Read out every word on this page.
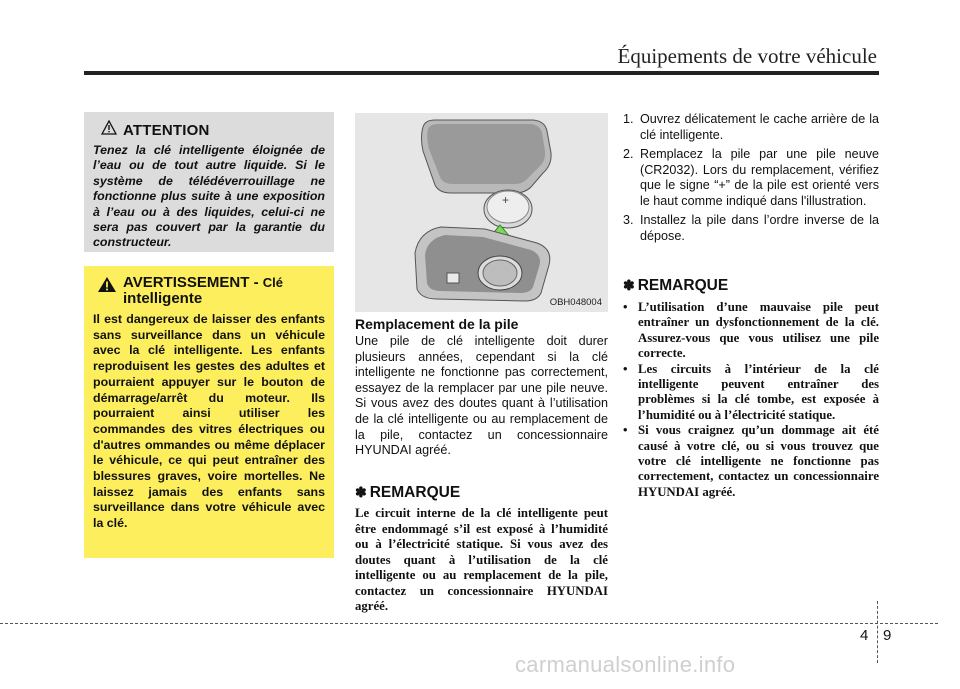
Équipements de votre véhicule
ATTENTION
Tenez la clé intelligente éloignée de l’eau ou de tout autre liquide. Si le système de télédéverrouillage ne fonctionne plus suite à une exposition à l’eau ou à des liquides, celui-ci ne sera pas couvert par la garantie du constructeur.
AVERTISSEMENT - Clé
intelligente
Il est dangereux de laisser des enfants sans surveillance dans un véhicule avec la clé intelligente. Les enfants reproduisent les gestes des adultes et pourraient appuyer sur le bouton de démarrage/arrêt du moteur. Ils pourraient ainsi utiliser les commandes des vitres électriques ou d'autres ommandes ou même déplacer le véhicule, ce qui peut entraîner des blessures graves, voire mortelles. Ne laissez jamais des enfants sans surveillance dans votre véhicule avec la clé.
+
OBH048004
Remplacement de la pile
Une pile de clé intelligente doit durer plusieurs années, cependant si la clé intelligente ne fonctionne pas correctement, essayez de la remplacer par une pile neuve. Si vous avez des doutes quant à l’utilisation de la clé intelligente ou au remplacement de la pile, contactez un concessionnaire HYUNDAI agréé.
✽ REMARQUE
Le circuit interne de la clé intelligente peut être endommagé s’il est exposé à l’humidité ou à l’électricité statique. Si vous avez des doutes quant à l’utilisation de la clé intelligente ou au remplacement de la pile, contactez un concessionnaire HYUNDAI agréé.
1. Ouvrez délicatement le cache arrière de la clé intelligente.
2. Remplacez la pile par une pile neuve (CR2032). Lors du remplacement, vérifiez que le signe “+” de la pile est orienté vers le haut comme indiqué dans l'illustration.
3. Installez la pile dans l’ordre inverse de la dépose.
✽ REMARQUE
• L’utilisation d’une mauvaise pile peut entraîner un dysfonctionnement de la clé. Assurez-vous que vous utilisez une pile correcte.
• Les circuits à l’intérieur de la clé intelligente peuvent entraîner des problèmes si la clé tombe, est exposée à l’humidité ou à l’électricité statique.
• Si vous craignez qu’un dommage ait été causé à votre clé, ou si vous trouvez que votre clé intelligente ne fonctionne pas correctement, contactez un concessionnaire HYUNDAI agréé.
4 9
carmanualsonline.info
